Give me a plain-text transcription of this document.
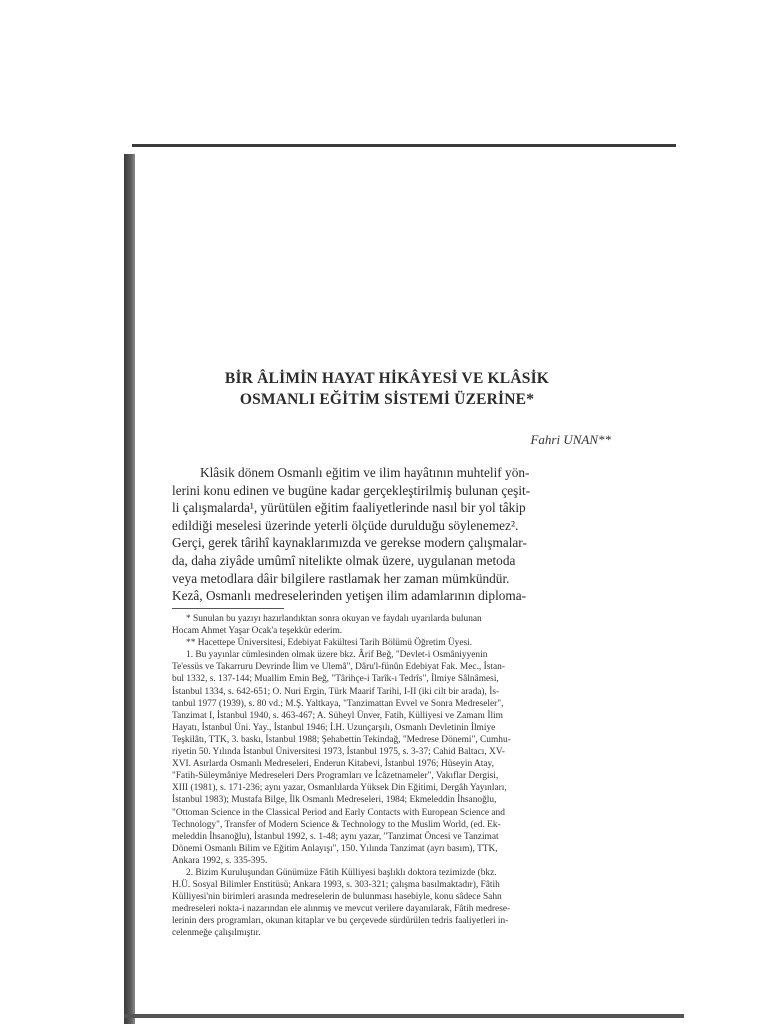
BİR ÂLİMİN HAYAT HİKÂYESİ VE KLÂSİK
OSMANLI EĞİTİM SİSTEMİ ÜZERİNE*
Fahri UNAN**
Klâsik dönem Osmanlı eğitim ve ilim hayâtının muhtelif yön-
lerini konu edinen ve bugüne kadar gerçekleştirilmiş bulunan çeşit-
li çalışmalarda¹, yürütülen eğitim faaliyetlerinde nasıl bir yol tâkip
edildiği meselesi üzerinde yeterli ölçüde durulduğu söylenemez².
Gerçi, gerek târihî kaynaklarımızda ve gerekse modern çalışmalar-
da, daha ziyâde umûmî nitelikte olmak üzere, uygulanan metoda
veya metodlara dâir bilgilere rastlamak her zaman mümkündür.
Kezâ, Osmanlı medreselerinden yetişen ilim adamlarının diploma-
* Sunulan bu yazıyı hazırlandıktan sonra okuyan ve faydalı uyarılarda bulunan
Hocam Ahmet Yaşar Ocak'a teşekkür ederim.
** Hacettepe Üniversitesi, Edebiyat Fakültesi Tarih Bölümü Öğretim Üyesi.
1. Bu yayınlar cümlesinden olmak üzere bkz. Ârif Beğ, "Devlet-i Osmâniyyenin
Te'essüs ve Takarruru Devrinde İlim ve Ulemâ", Dâru'l-fünûn Edebiyat Fak. Mec., İstan-
bul 1332, s. 137-144; Muallim Emin Beğ, "Târihçe-i Tarîk-ı Tedrîs", İlmiye Sâlnâmesi,
İstanbul 1334, s. 642-651; O. Nuri Ergin, Türk Maarif Tarihi, I-II (iki cilt bir arada), İs-
tanbul 1977 (1939), s. 80 vd.; M.Ş. Yaltkaya, "Tanzimattan Evvel ve Sonra Medreseler",
Tanzimat I, İstanbul 1940, s. 463-467; A. Süheyl Ünver, Fatih, Külliyesi ve Zamanı İlim
Hayatı, İstanbul Üni. Yay., İstanbul 1946; İ.H. Uzunçarşılı, Osmanlı Devletinin İlmiye
Teşkilâtı, TTK, 3. baskı, İstanbul 1988; Şehabettin Tekindağ, "Medrese Dönemi", Cumhu-
riyetin 50. Yılında İstanbul Üniversitesi 1973, İstanbul 1975, s. 3-37; Cahid Baltacı, XV-
XVI. Asırlarda Osmanlı Medreseleri, Enderun Kitabevi, İstanbul 1976; Hüseyin Atay,
"Fatih-Süleymâniye Medreseleri Ders Programları ve İcâzetnameler", Vakıflar Dergisi,
XIII (1981), s. 171-236; aynı yazar, Osmanlılarda Yüksek Din Eğitimi, Dergâh Yayınları,
İstanbul 1983); Mustafa Bilge, İlk Osmanlı Medreseleri, 1984; Ekmeleddin İhsanoğlu,
"Ottoman Science in the Classical Period and Early Contacts with European Science and
Technology", Transfer of Modern Science & Technology to the Muslim World, (ed. Ek-
meleddin İhsanoğlu), İstanbul 1992, s. 1-48; aynı yazar, "Tanzimat Öncesi ve Tanzimat
Dönemi Osmanlı Bilim ve Eğitim Anlayışı", 150. Yılında Tanzimat (ayrı basım), TTK,
Ankara 1992, s. 335-395.
2. Bizim Kuruluşundan Günümüze Fâtih Külliyesi başlıklı doktora tezimizde (bkz.
H.Ü. Sosyal Bilimler Enstitüsü; Ankara 1993, s. 303-321; çalışma basılmaktadır), Fâtih
Külliyesi'nin birimleri arasında medreselerin de bulunması hasebiyle, konu sâdece Sahn
medreseleri nokta-i nazarından ele alınmış ve mevcut verilere dayanılarak, Fâtih medrese-
lerinin ders programları, okunan kitaplar ve bu çerçevede sürdürülen tedris faaliyetleri in-
celenmeğe çalışılmıştır.
